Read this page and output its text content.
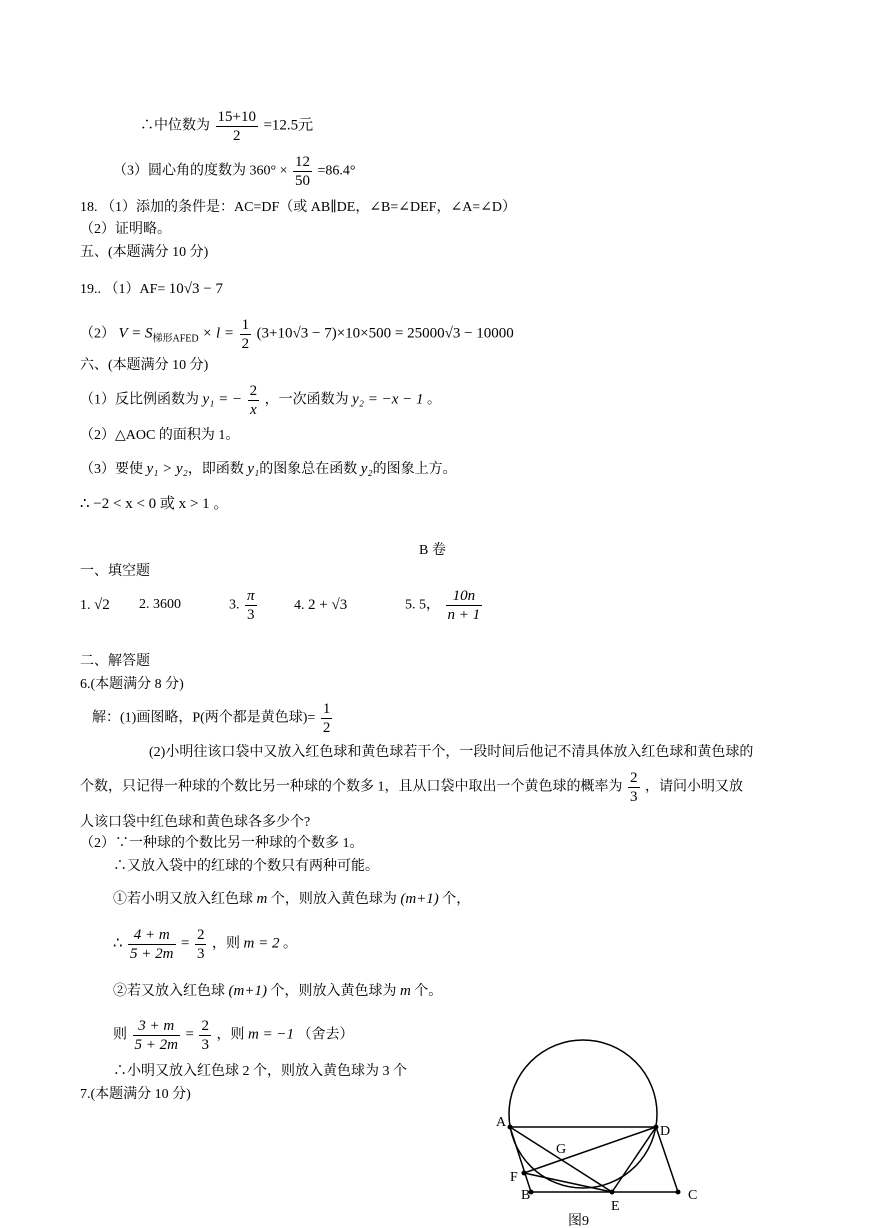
∴中位数为 $\frac{15+10}{2} =12.5$元
（3）圆心角的度数为 $360^\circ \times \frac{12}{50} =86.4^\circ$
18. （1）添加的条件是：AC=DF（或 AB∥DE，∠B=∠DEF，∠A=∠D）
（2）证明略。
五、(本题满分 10 分)
19.. （1）AF= 10√3 − 7
（2） $V = S_{梯形AFED} \times l = \frac{1}{2} (3+10√3 - 7)\times 10\times 500 = 25000√3 - 10000$
六、(本题满分 10 分)
（1）反比例函数为 y₁ = − $\frac{2}{x}$ ，一次函数为 y₂ = −x − 1 。
（2）△AOC 的面积为 1。
（3）要使 y₁ > y₂，即函数 y₁的图象总在函数 y₂的图象上方。
∴ −2 < x < 0 或 x > 1 。
B 卷
一、填空题
1. √2 2. 3600	3. $\frac{\pi}{3}$	4. 2 + √3	5. 5， $\frac{10n}{n + 1}$
二、解答题
6.(本题满分 8 分)
解：(1)画图略，P(两个都是黄色球)= $\frac{1}{2}$
(2)小明往该口袋中又放入红色球和黄色球若干个，一段时间后他记不清具体放入红色球和黄色球的
个数，只记得一种球的个数比另一种球的个数多 1，且从口袋中取出一个黄色球的概率为 $\frac{2}{3}$ ，请问小明又放
人该口袋中红色球和黄色球各多少个?
（2）∵一种球的个数比另一种球的个数多 1。
∴又放入袋中的红球的个数只有两种可能。
①若小明又放入红色球 m 个，则放入黄色球为 (m+1) 个，
∴ $\frac{4 + m}{5 + 2m} = \frac{2}{3}$ ，则 m = 2 。
②若又放入红色球 (m+1) 个，则放入黄色球为 m 个。
则 $\frac{3 + m}{5 + 2m} = \frac{2}{3}$ ，则 m = −1 （舍去）
∴小明又放入红色球 2 个，则放入黄色球为 3 个
7.(本题满分 10 分)
A
B	C
D
E
F
G
图9
